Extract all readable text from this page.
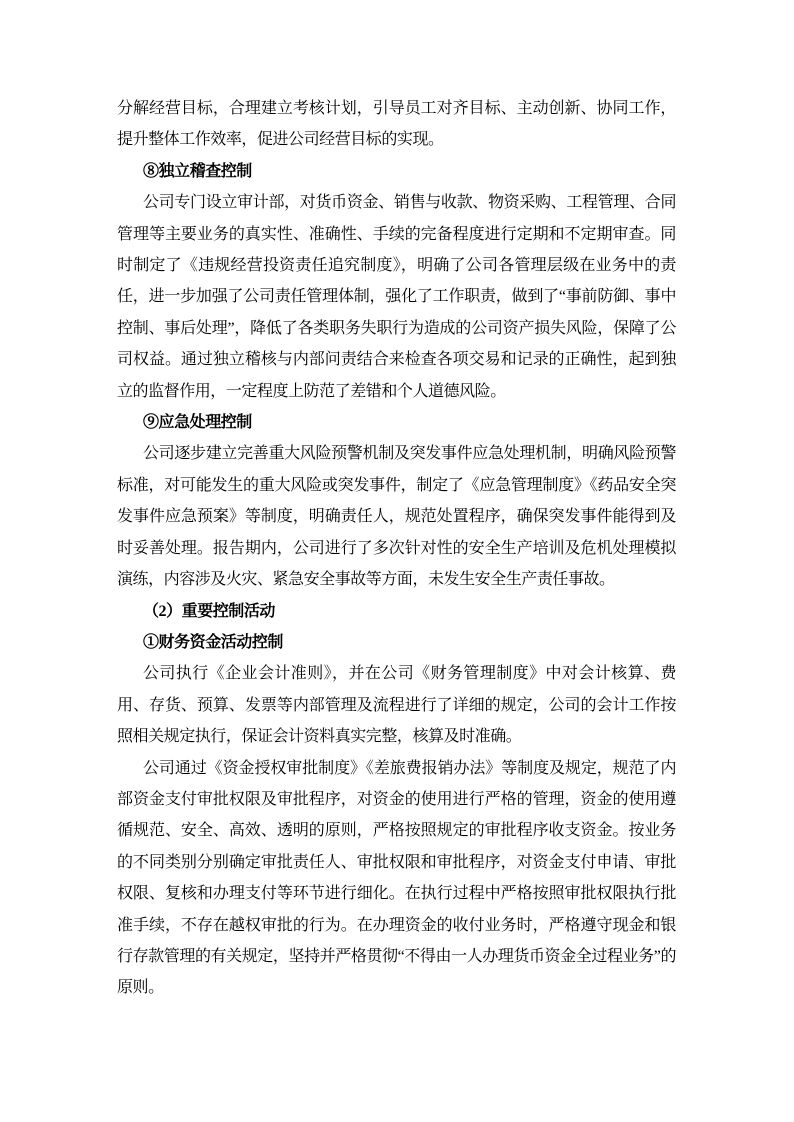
分解经营目标，合理建立考核计划，引导员工对齐目标、主动创新、协同工作，提升整体工作效率，促进公司经营目标的实现。

⑧独立稽查控制

公司专门设立审计部，对货币资金、销售与收款、物资采购、工程管理、合同管理等主要业务的真实性、准确性、手续的完备程度进行定期和不定期审查。同时制定了《违规经营投资责任追究制度》，明确了公司各管理层级在业务中的责任，进一步加强了公司责任管理体制，强化了工作职责，做到了“事前防御、事中控制、事后处理”，降低了各类职务失职行为造成的公司资产损失风险，保障了公司权益。通过独立稽核与内部问责结合来检查各项交易和记录的正确性，起到独立的监督作用，一定程度上防范了差错和个人道德风险。

⑨应急处理控制

公司逐步建立完善重大风险预警机制及突发事件应急处理机制，明确风险预警标准，对可能发生的重大风险或突发事件，制定了《应急管理制度》《药品安全突发事件应急预案》等制度，明确责任人，规范处置程序，确保突发事件能得到及时妥善处理。报告期内，公司进行了多次针对性的安全生产培训及危机处理模拟演练，内容涉及火灾、紧急安全事故等方面，未发生安全生产责任事故。

（2）重要控制活动

①财务资金活动控制

公司执行《企业会计准则》，并在公司《财务管理制度》中对会计核算、费用、存货、预算、发票等内部管理及流程进行了详细的规定，公司的会计工作按照相关规定执行，保证会计资料真实完整，核算及时准确。

公司通过《资金授权审批制度》《差旅费报销办法》等制度及规定，规范了内部资金支付审批权限及审批程序，对资金的使用进行严格的管理，资金的使用遵循规范、安全、高效、透明的原则，严格按照规定的审批程序收支资金。按业务的不同类别分别确定审批责任人、审批权限和审批程序，对资金支付申请、审批权限、复核和办理支付等环节进行细化。在执行过程中严格按照审批权限执行批准手续，不存在越权审批的行为。在办理资金的收付业务时，严格遵守现金和银行存款管理的有关规定，坚持并严格贯彻“不得由一人办理货币资金全过程业务”的原则。
